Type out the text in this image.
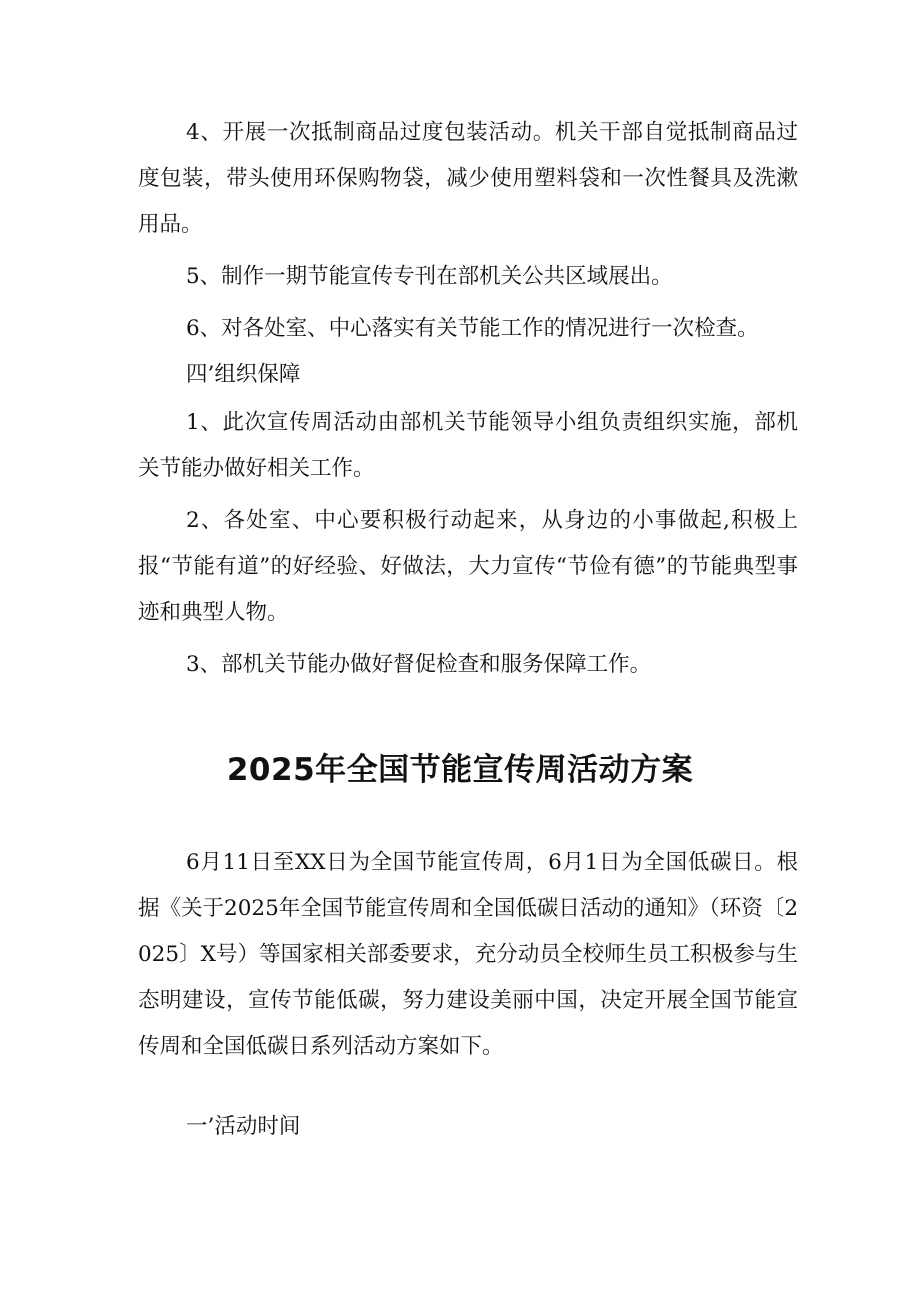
4、开展一次抵制商品过度包装活动。机关干部自觉抵制商品过度包装，带头使用环保购物袋，减少使用塑料袋和一次性餐具及洗漱用品。

5、制作一期节能宣传专刊在部机关公共区域展出。

6、对各处室、中心落实有关节能工作的情况进行一次检查。

四’组织保障

1、此次宣传周活动由部机关节能领导小组负责组织实施，部机关节能办做好相关工作。

2、各处室、中心要积极行动起来，从身边的小事做起,积极上报“节能有道”的好经验、好做法，大力宣传“节俭有德”的节能典型事迹和典型人物。

3、部机关节能办做好督促检查和服务保障工作。

2025年全国节能宣传周活动方案

6月11日至XX日为全国节能宣传周，6月1日为全国低碳日。根据《关于2025年全国节能宣传周和全国低碳日活动的通知》（环资〔2025〕X号）等国家相关部委要求，充分动员全校师生员工积极参与生态明建设，宣传节能低碳，努力建设美丽中国，决定开展全国节能宣传周和全国低碳日系列活动方案如下。

一’活动时间
